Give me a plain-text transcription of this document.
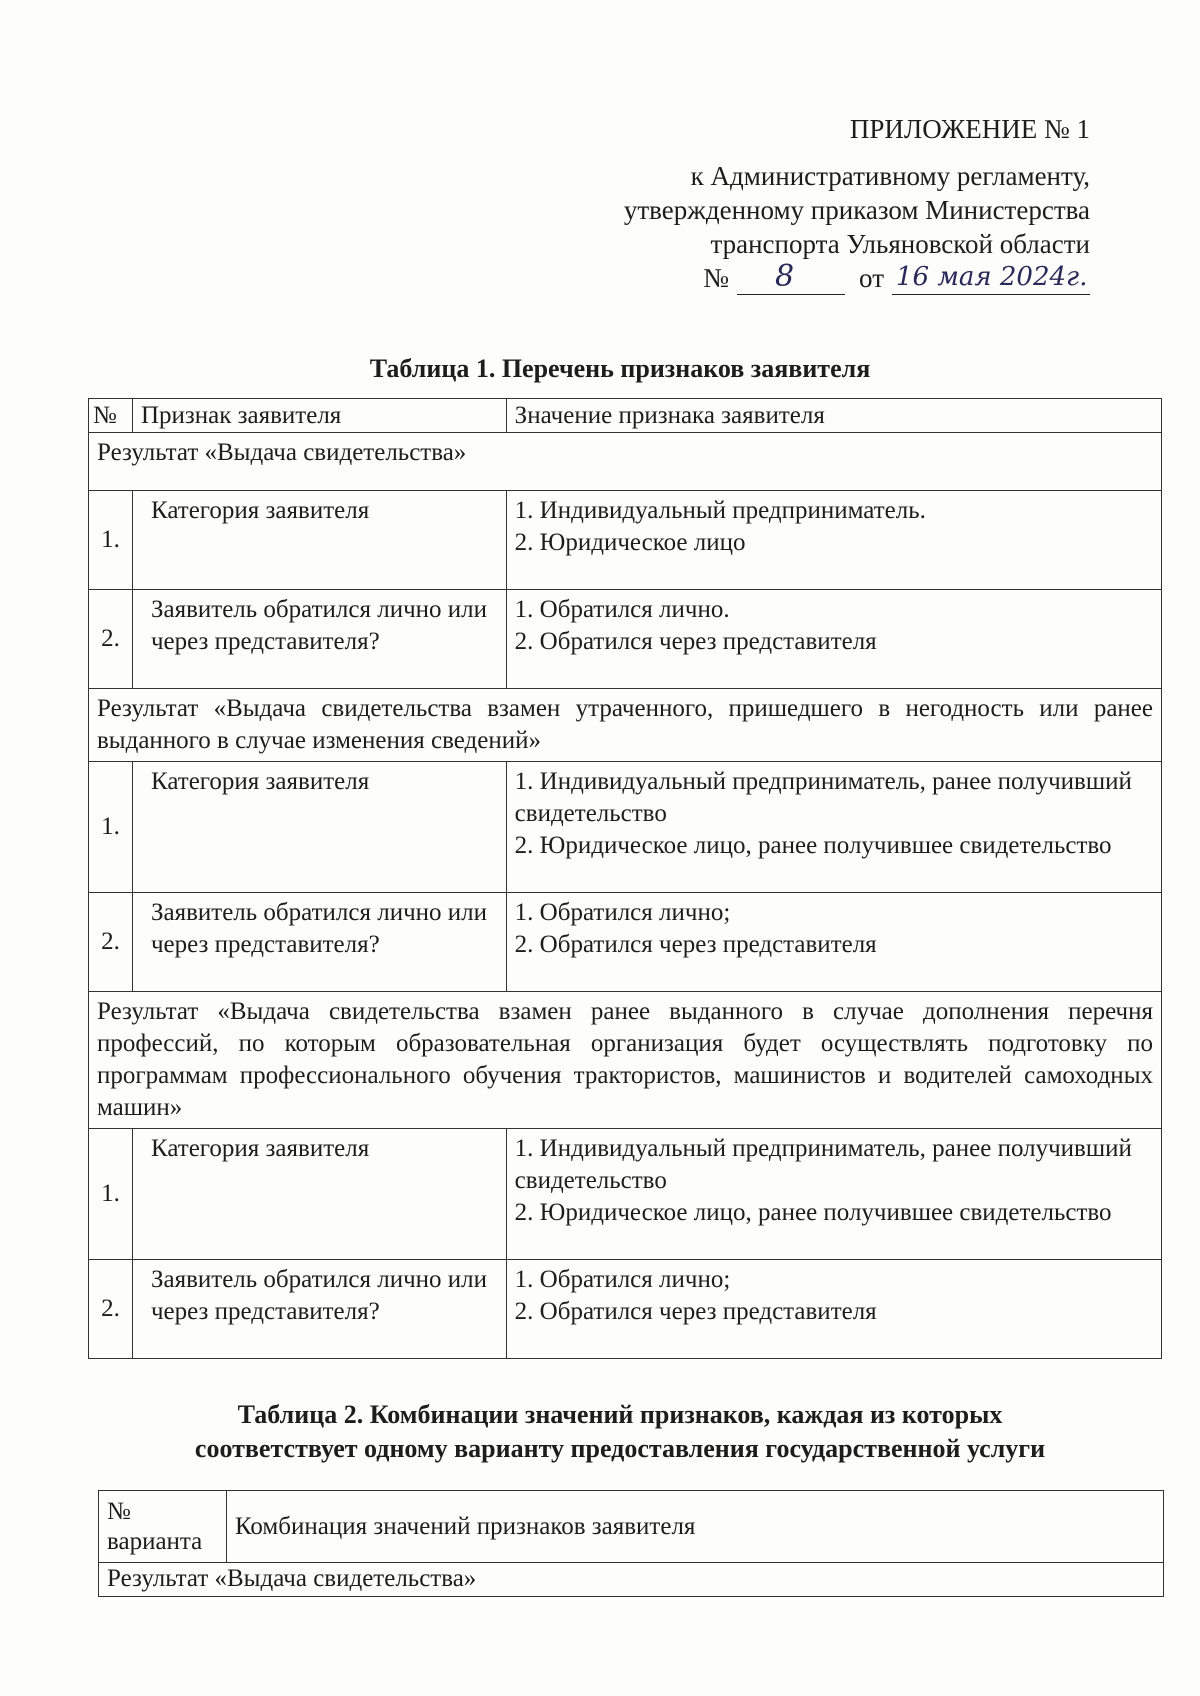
ПРИЛОЖЕНИЕ № 1
к Административному регламенту,
утвержденному приказом Министерства
транспорта Ульяновской области
№ 8 от 16 мая 2024г.
Таблица 1. Перечень признаков заявителя
№	Признак заявителя	Значение признака заявителя
Результат «Выдача свидетельства»		
1.	Категория заявителя	1. Индивидуальный предприниматель.
2. Юридическое лицо

2.	Заявитель обратился лично или через представителя?	1. Обратился лично.
2. Обратился через представителя

Результат «Выдача свидетельства взамен утраченного, пришедшего в негодность или ранее выданного в случае изменения сведений»		
1.	Категория заявителя	1. Индивидуальный предприниматель, ранее получивший свидетельство
2. Юридическое лицо, ранее получившее свидетельство

2.	Заявитель обратился лично или через представителя?	1. Обратился лично;
2. Обратился через представителя

Результат «Выдача свидетельства взамен ранее выданного в случае дополнения перечня профессий, по которым образовательная организация будет осуществлять подготовку по программам профессионального обучения трактористов, машинистов и водителей самоходных машин»		
1.	Категория заявителя	1. Индивидуальный предприниматель, ранее получивший свидетельство
2. Юридическое лицо, ранее получившее свидетельство

2.	Заявитель обратился лично или через представителя?	1. Обратился лично;
2. Обратился через представителя
Таблица 2. Комбинации значений признаков, каждая из которых
соответствует одному варианту предоставления государственной услуги
№ варианта	Комбинация значений признаков заявителя
Результат «Выдача свидетельства»
